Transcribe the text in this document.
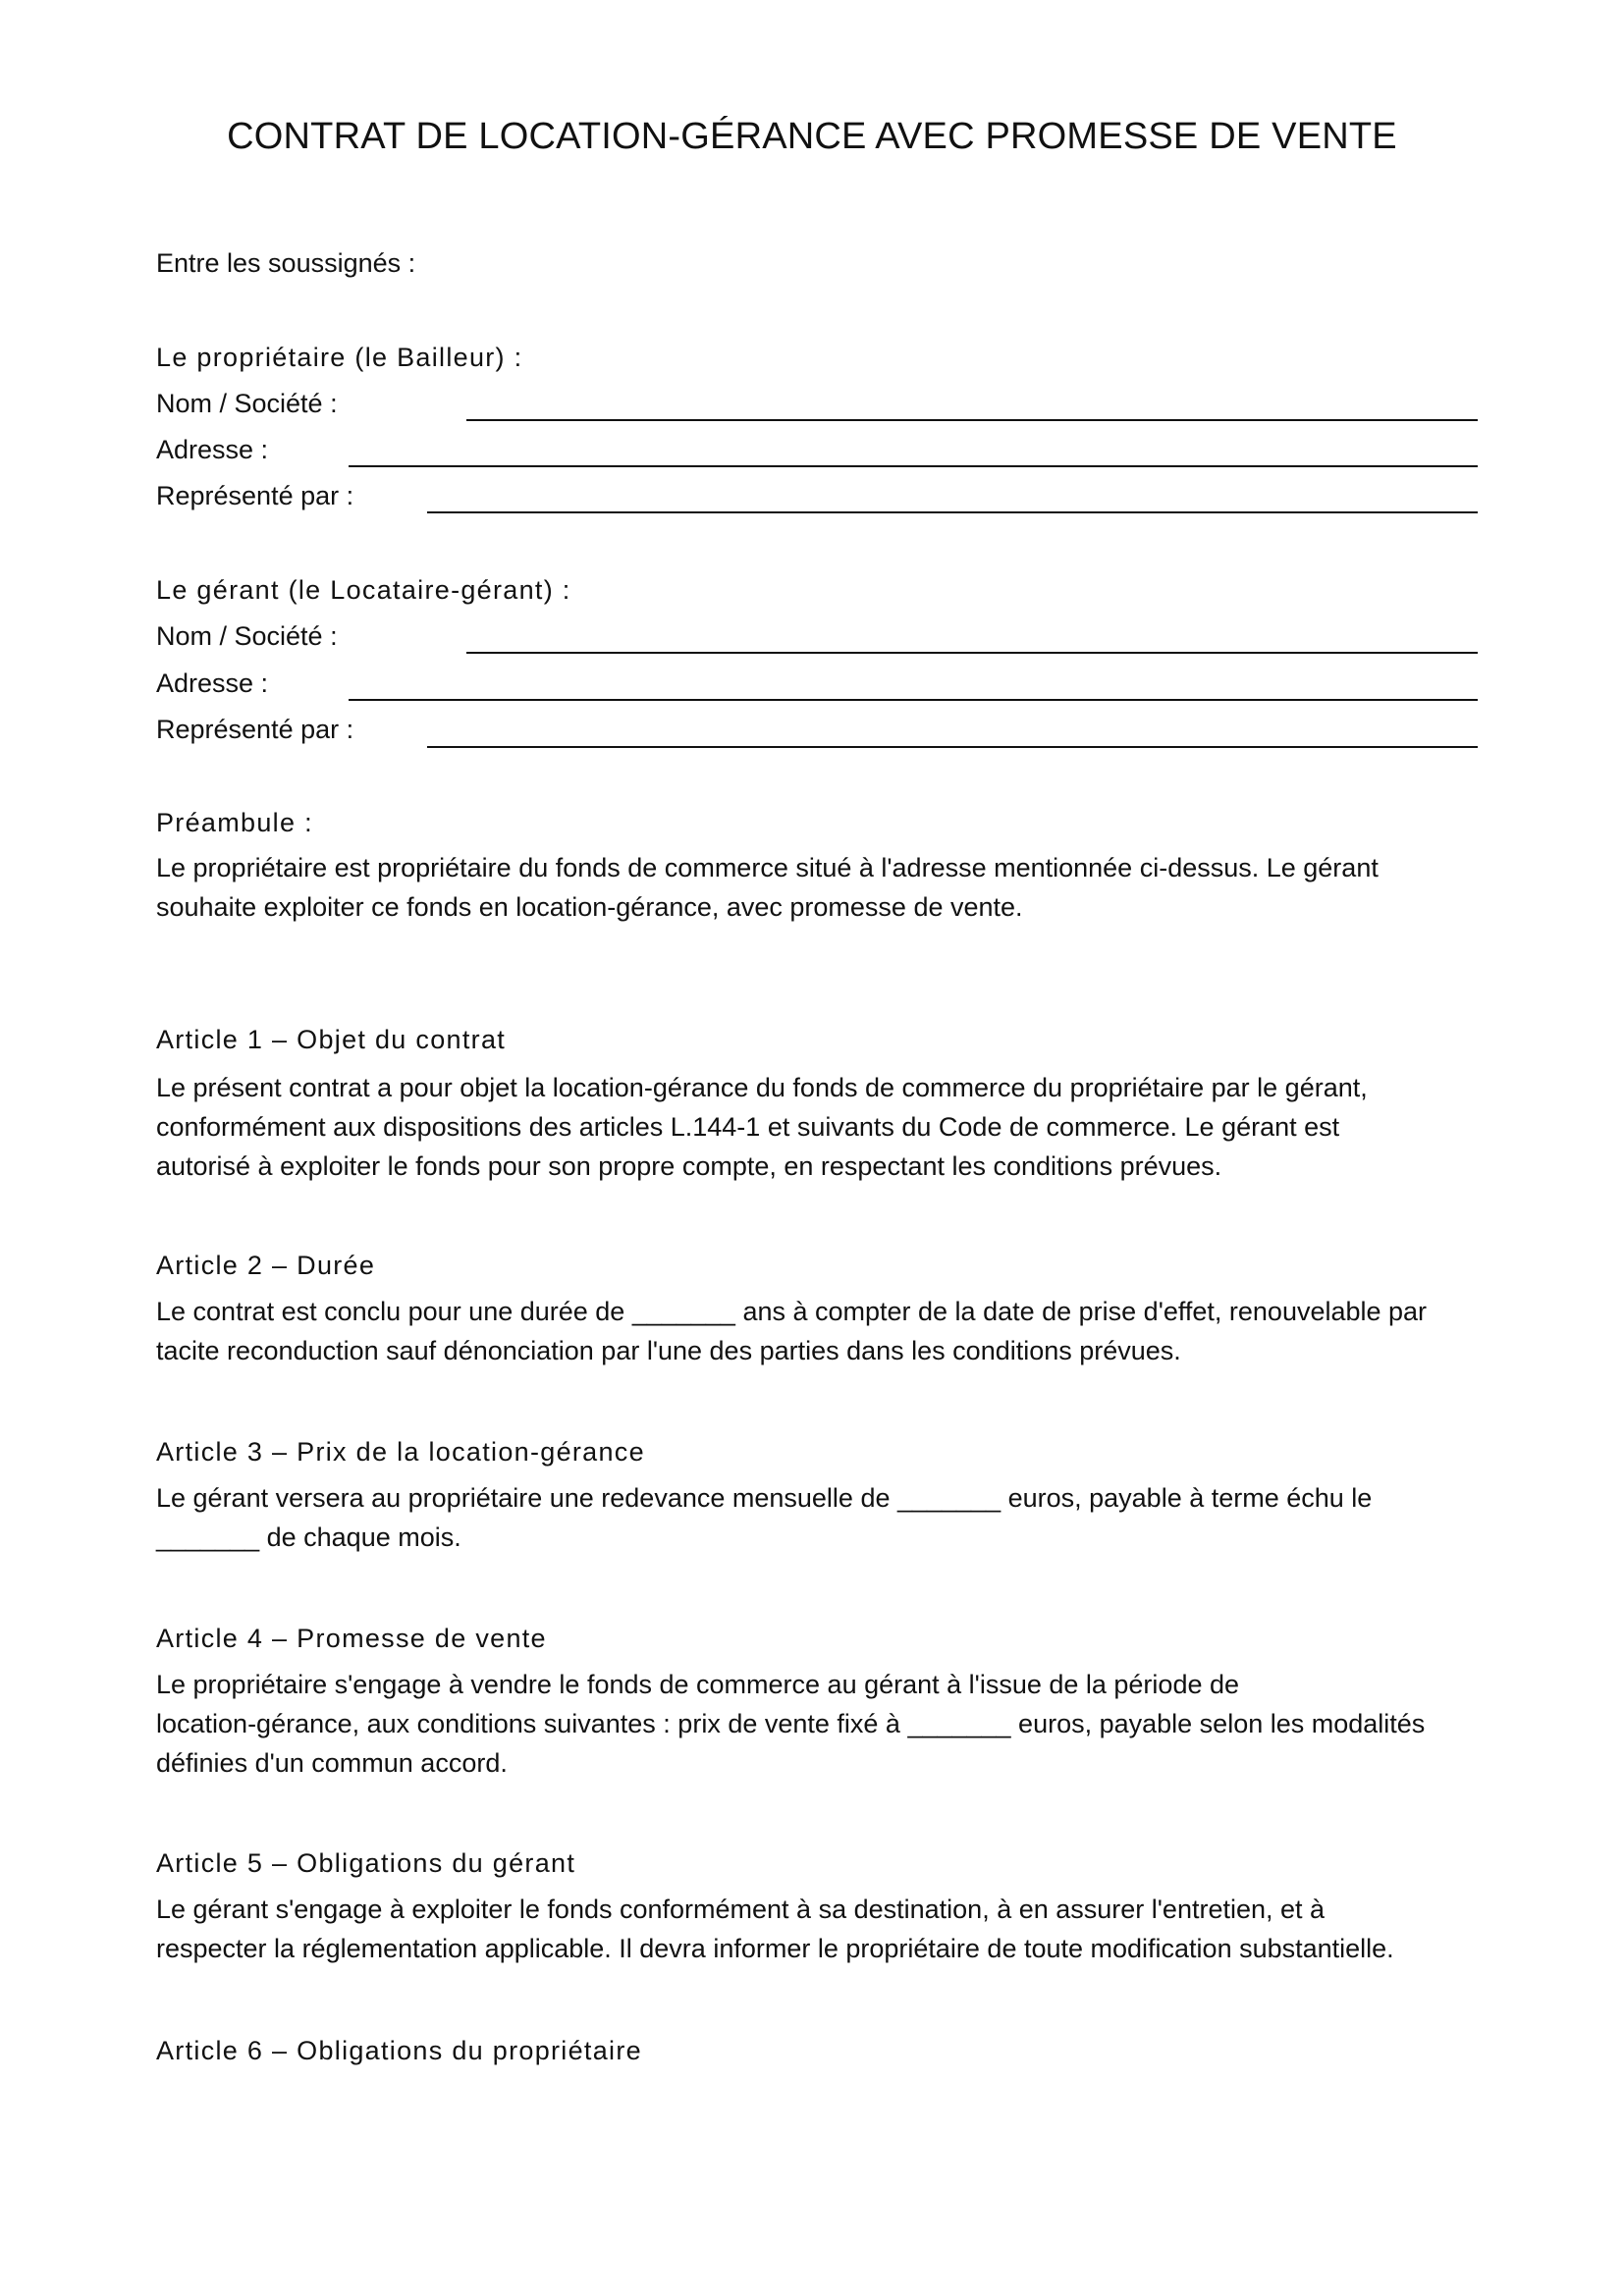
CONTRAT DE LOCATION-GÉRANCE AVEC PROMESSE DE VENTE
Entre les soussignés :
Le propriétaire (le Bailleur) :
Nom / Société :
Adresse :
Représenté par :
Le gérant (le Locataire-gérant) :
Nom / Société :
Adresse :
Représenté par :
Préambule :
Le propriétaire est propriétaire du fonds de commerce situé à l'adresse mentionnée ci-dessus. Le gérant
souhaite exploiter ce fonds en location-gérance, avec promesse de vente.
Article 1 – Objet du contrat
Le présent contrat a pour objet la location-gérance du fonds de commerce du propriétaire par le gérant,
conformément aux dispositions des articles L.144-1 et suivants du Code de commerce. Le gérant est
autorisé à exploiter le fonds pour son propre compte, en respectant les conditions prévues.
Article 2 – Durée
Le contrat est conclu pour une durée de _______ ans à compter de la date de prise d'effet, renouvelable par
tacite reconduction sauf dénonciation par l'une des parties dans les conditions prévues.
Article 3 – Prix de la location-gérance
Le gérant versera au propriétaire une redevance mensuelle de _______ euros, payable à terme échu le
_______ de chaque mois.
Article 4 – Promesse de vente
Le propriétaire s'engage à vendre le fonds de commerce au gérant à l'issue de la période de
location-gérance, aux conditions suivantes : prix de vente fixé à _______ euros, payable selon les modalités
définies d'un commun accord.
Article 5 – Obligations du gérant
Le gérant s'engage à exploiter le fonds conformément à sa destination, à en assurer l'entretien, et à
respecter la réglementation applicable. Il devra informer le propriétaire de toute modification substantielle.
Article 6 – Obligations du propriétaire
